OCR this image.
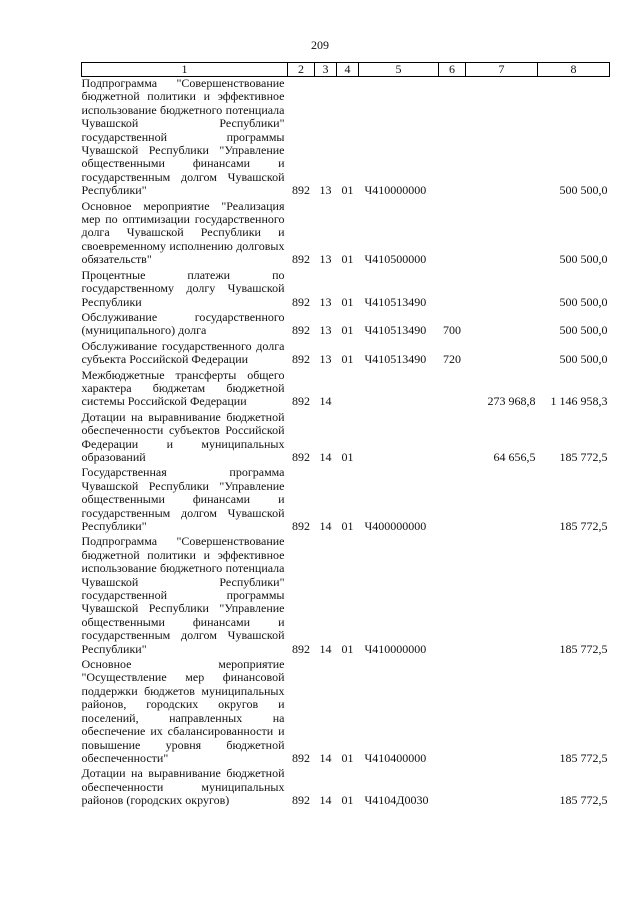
209
1	2	3	4	5	6	7	8
Подпрограмма "Совершенствование бюджетной политики и эффективное использование бюджетного потенциала Чувашской Республики" государственной программы Чувашской Республики "Управление общественными финансами и государственным долгом Чувашской Республики"	892	13	01	Ч410000000			500 500,0
Основное мероприятие "Реализация мер по оптимизации государственного долга Чувашской Республики и своевременному исполнению долговых обязательств"	892	13	01	Ч410500000			500 500,0
Процентные платежи по государственному долгу Чувашской Республики	892	13	01	Ч410513490			500 500,0
Обслуживание государственного (муниципального) долга	892	13	01	Ч410513490	700		500 500,0
Обслуживание государственного долга субъекта Российской Федерации	892	13	01	Ч410513490	720		500 500,0
Межбюджетные трансферты общего характера бюджетам бюджетной системы Российской Федерации	892	14				273 968,8	1 146 958,3
Дотации на выравнивание бюджетной обеспеченности субъектов Российской Федерации и муниципальных образований	892	14	01			64 656,5	185 772,5
Государственная программа Чувашской Республики "Управление общественными финансами и государственным долгом Чувашской Республики"	892	14	01	Ч400000000			185 772,5
Подпрограмма "Совершенствование бюджетной политики и эффективное использование бюджетного потенциала Чувашской Республики" государственной программы Чувашской Республики "Управление общественными финансами и государственным долгом Чувашской Республики"	892	14	01	Ч410000000			185 772,5
Основное мероприятие "Осуществление мер финансовой поддержки бюджетов муниципальных районов, городских округов и поселений, направленных на обеспечение их сбалансированности и повышение уровня бюджетной обеспеченности"	892	14	01	Ч410400000			185 772,5
Дотации на выравнивание бюджетной обеспеченности муниципальных районов (городских округов)	892	14	01	Ч4104Д0030			185 772,5
